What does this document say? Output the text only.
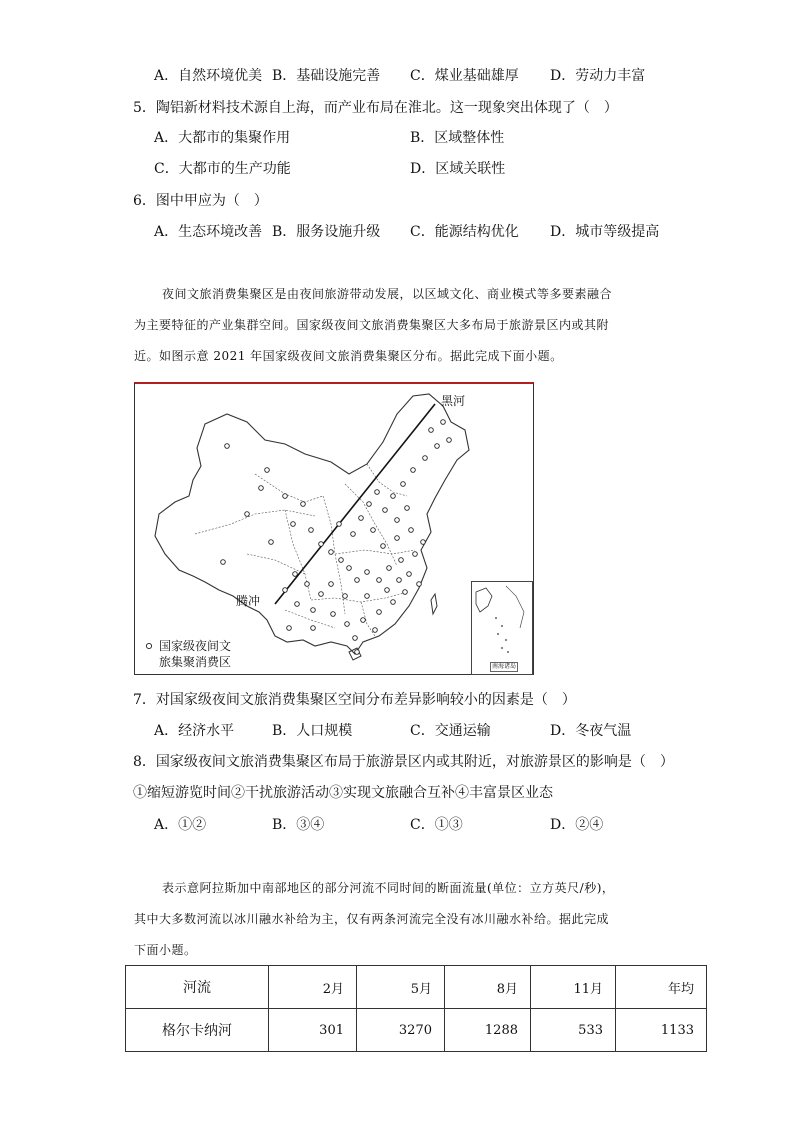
A．自然环境优美 B．基础设施完善 C．煤业基础雄厚 D．劳动力丰富
5．陶铝新材料技术源自上海，而产业布局在淮北。这一现象突出体现了（　）
A．大都市的集聚作用	B．区域整体性
C．大都市的生产功能	D．区域关联性
6．图中甲应为（　）
A．生态环境改善 B．服务设施升级 C．能源结构优化 D．城市等级提高

夜间文旅消费集聚区是由夜间旅游带动发展，以区域文化、商业模式等多要素融合

为主要特征的产业集群空间。国家级夜间文旅消费集聚区大多布局于旅游景区内或其附

近。如图示意 2021 年国家级夜间文旅消费集聚区分布。据此完成下面小题。

黑河
腾冲
国家级夜间文
旅集聚消费区	南海诸岛
7．对国家级夜间文旅消费集聚区空间分布差异影响较小的因素是（　）
A．经济水平	B．人口规模	C．交通运输	D．冬夜气温
8．国家级夜间文旅消费集聚区布局于旅游景区内或其附近，对旅游景区的影响是（　）
①缩短游览时间②干扰旅游活动③实现文旅融合互补④丰富景区业态
A．①②	B．③④	C．①③	D．②④

表示意阿拉斯加中南部地区的部分河流不同时间的断面流量(单位：立方英尺/秒)，

其中大多数河流以冰川融水补给为主，仅有两条河流完全没有冰川融水补给。据此完成

下面小题。

河流	2月	5月	8月	11月	年均
格尔卡纳河	301	3270	1288	533	1133
